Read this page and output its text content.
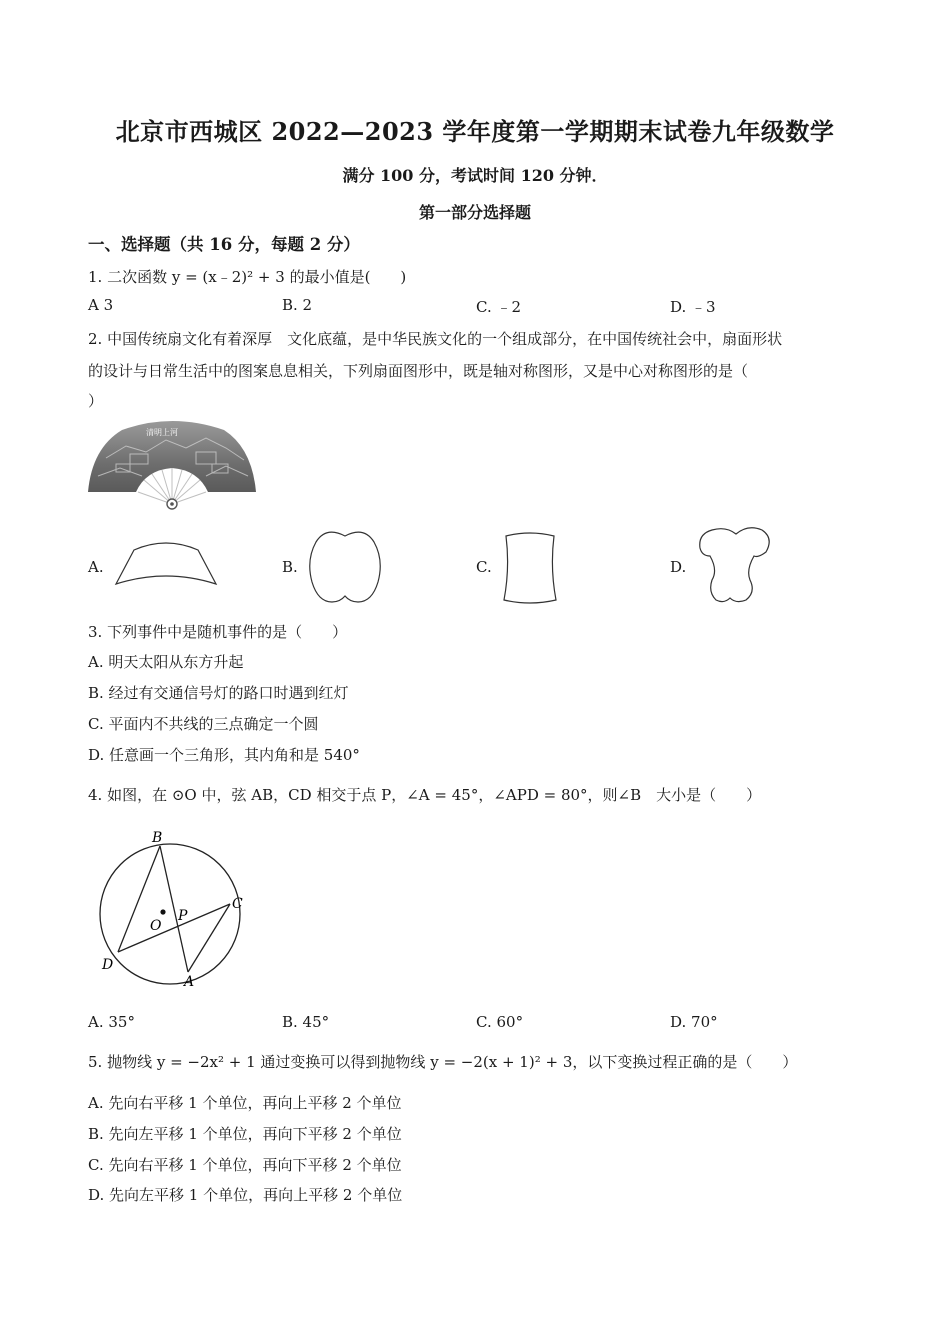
北京市西城区 2022—2023 学年度第一学期期末试卷九年级数学
满分 100 分，考试时间 120 分钟．
第一部分选择题
一、选择题（共 16 分，每题 2 分）
1. 二次函数 y = (x﹣2)² + 3 的最小值是(　　)
A 3	B. 2	C. ﹣2	D. ﹣3
2. 中国传统扇文化有着深厚　文化底蕴，是中华民族文化的一个组成部分，在中国传统社会中，扇面形状
的设计与日常生活中的图案息息相关，下列扇面图形中，既是轴对称图形，又是中心对称图形的是（
）
清明上河
A.	B.	C.	D.
3. 下列事件中是随机事件的是（　　）
A. 明天太阳从东方升起
B. 经过有交通信号灯的路口时遇到红灯
C. 平面内不共线的三点确定一个圆
D. 任意画一个三角形，其内角和是 540°
4. 如图，在 ⊙O 中，弦 AB，CD 相交于点 P，∠A = 45°，∠APD = 80°，则∠B　大小是（　　）
B
C
D
A
O
P
A. 35°	B. 45°	C. 60°	D. 70°
5. 抛物线 y = −2x² + 1 通过变换可以得到抛物线 y = −2(x + 1)² + 3，以下变换过程正确的是（　　）
A. 先向右平移 1 个单位，再向上平移 2 个单位
B. 先向左平移 1 个单位，再向下平移 2 个单位
C. 先向右平移 1 个单位，再向下平移 2 个单位
D. 先向左平移 1 个单位，再向上平移 2 个单位
